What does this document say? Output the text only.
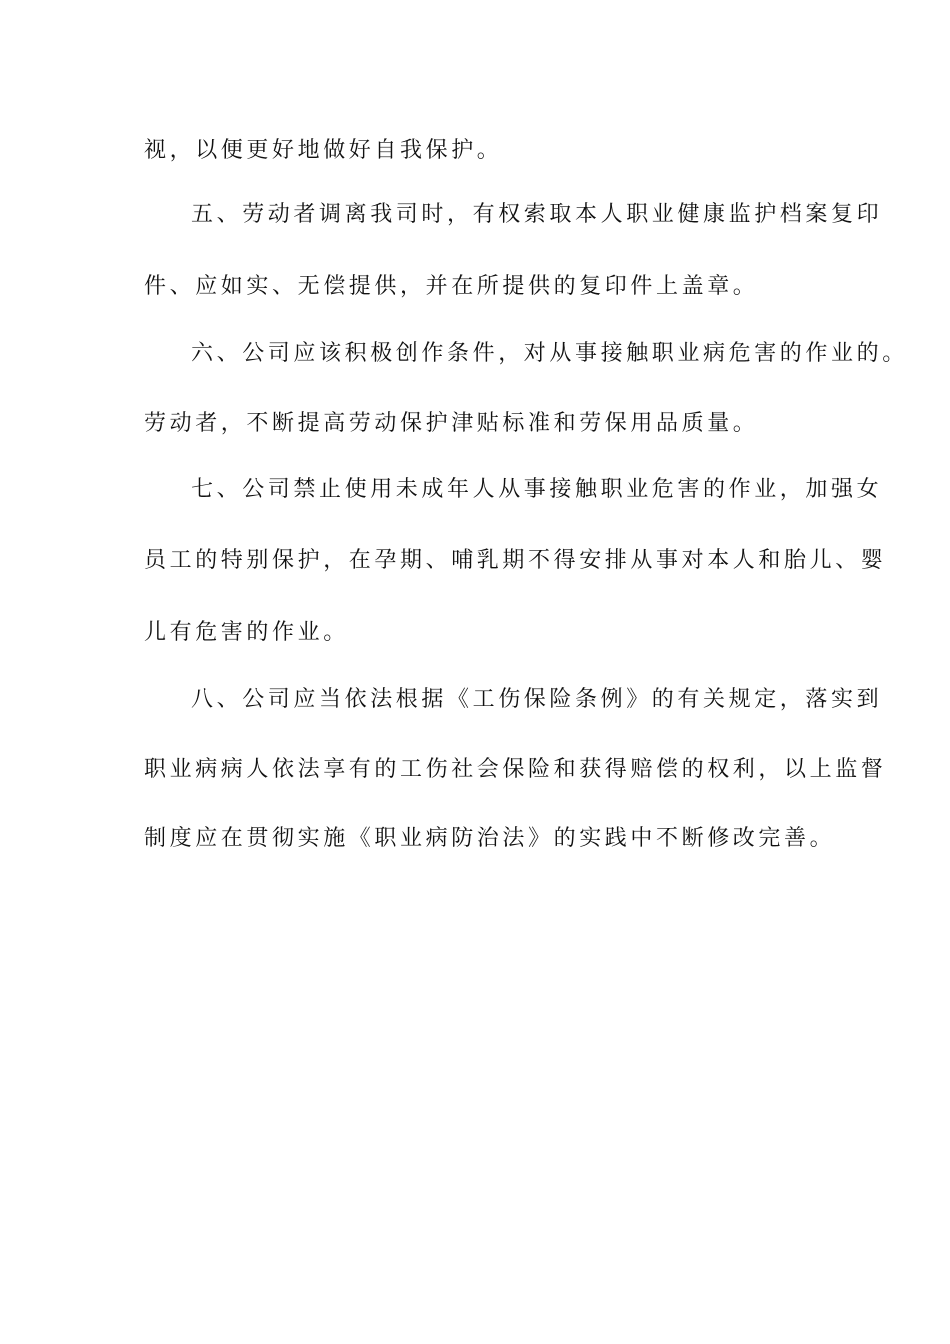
视，以便更好地做好自我保护。
五、劳动者调离我司时，有权索取本人职业健康监护档案复印
件、应如实、无偿提供，并在所提供的复印件上盖章。
六、公司应该积极创作条件，对从事接触职业病危害的作业的。
劳动者，不断提高劳动保护津贴标准和劳保用品质量。
七、公司禁止使用未成年人从事接触职业危害的作业，加强女
员工的特别保护，在孕期、哺乳期不得安排从事对本人和胎儿、婴
儿有危害的作业。
八、公司应当依法根据《工伤保险条例》的有关规定，落实到
职业病病人依法享有的工伤社会保险和获得赔偿的权利，以上监督
制度应在贯彻实施《职业病防治法》的实践中不断修改完善。
